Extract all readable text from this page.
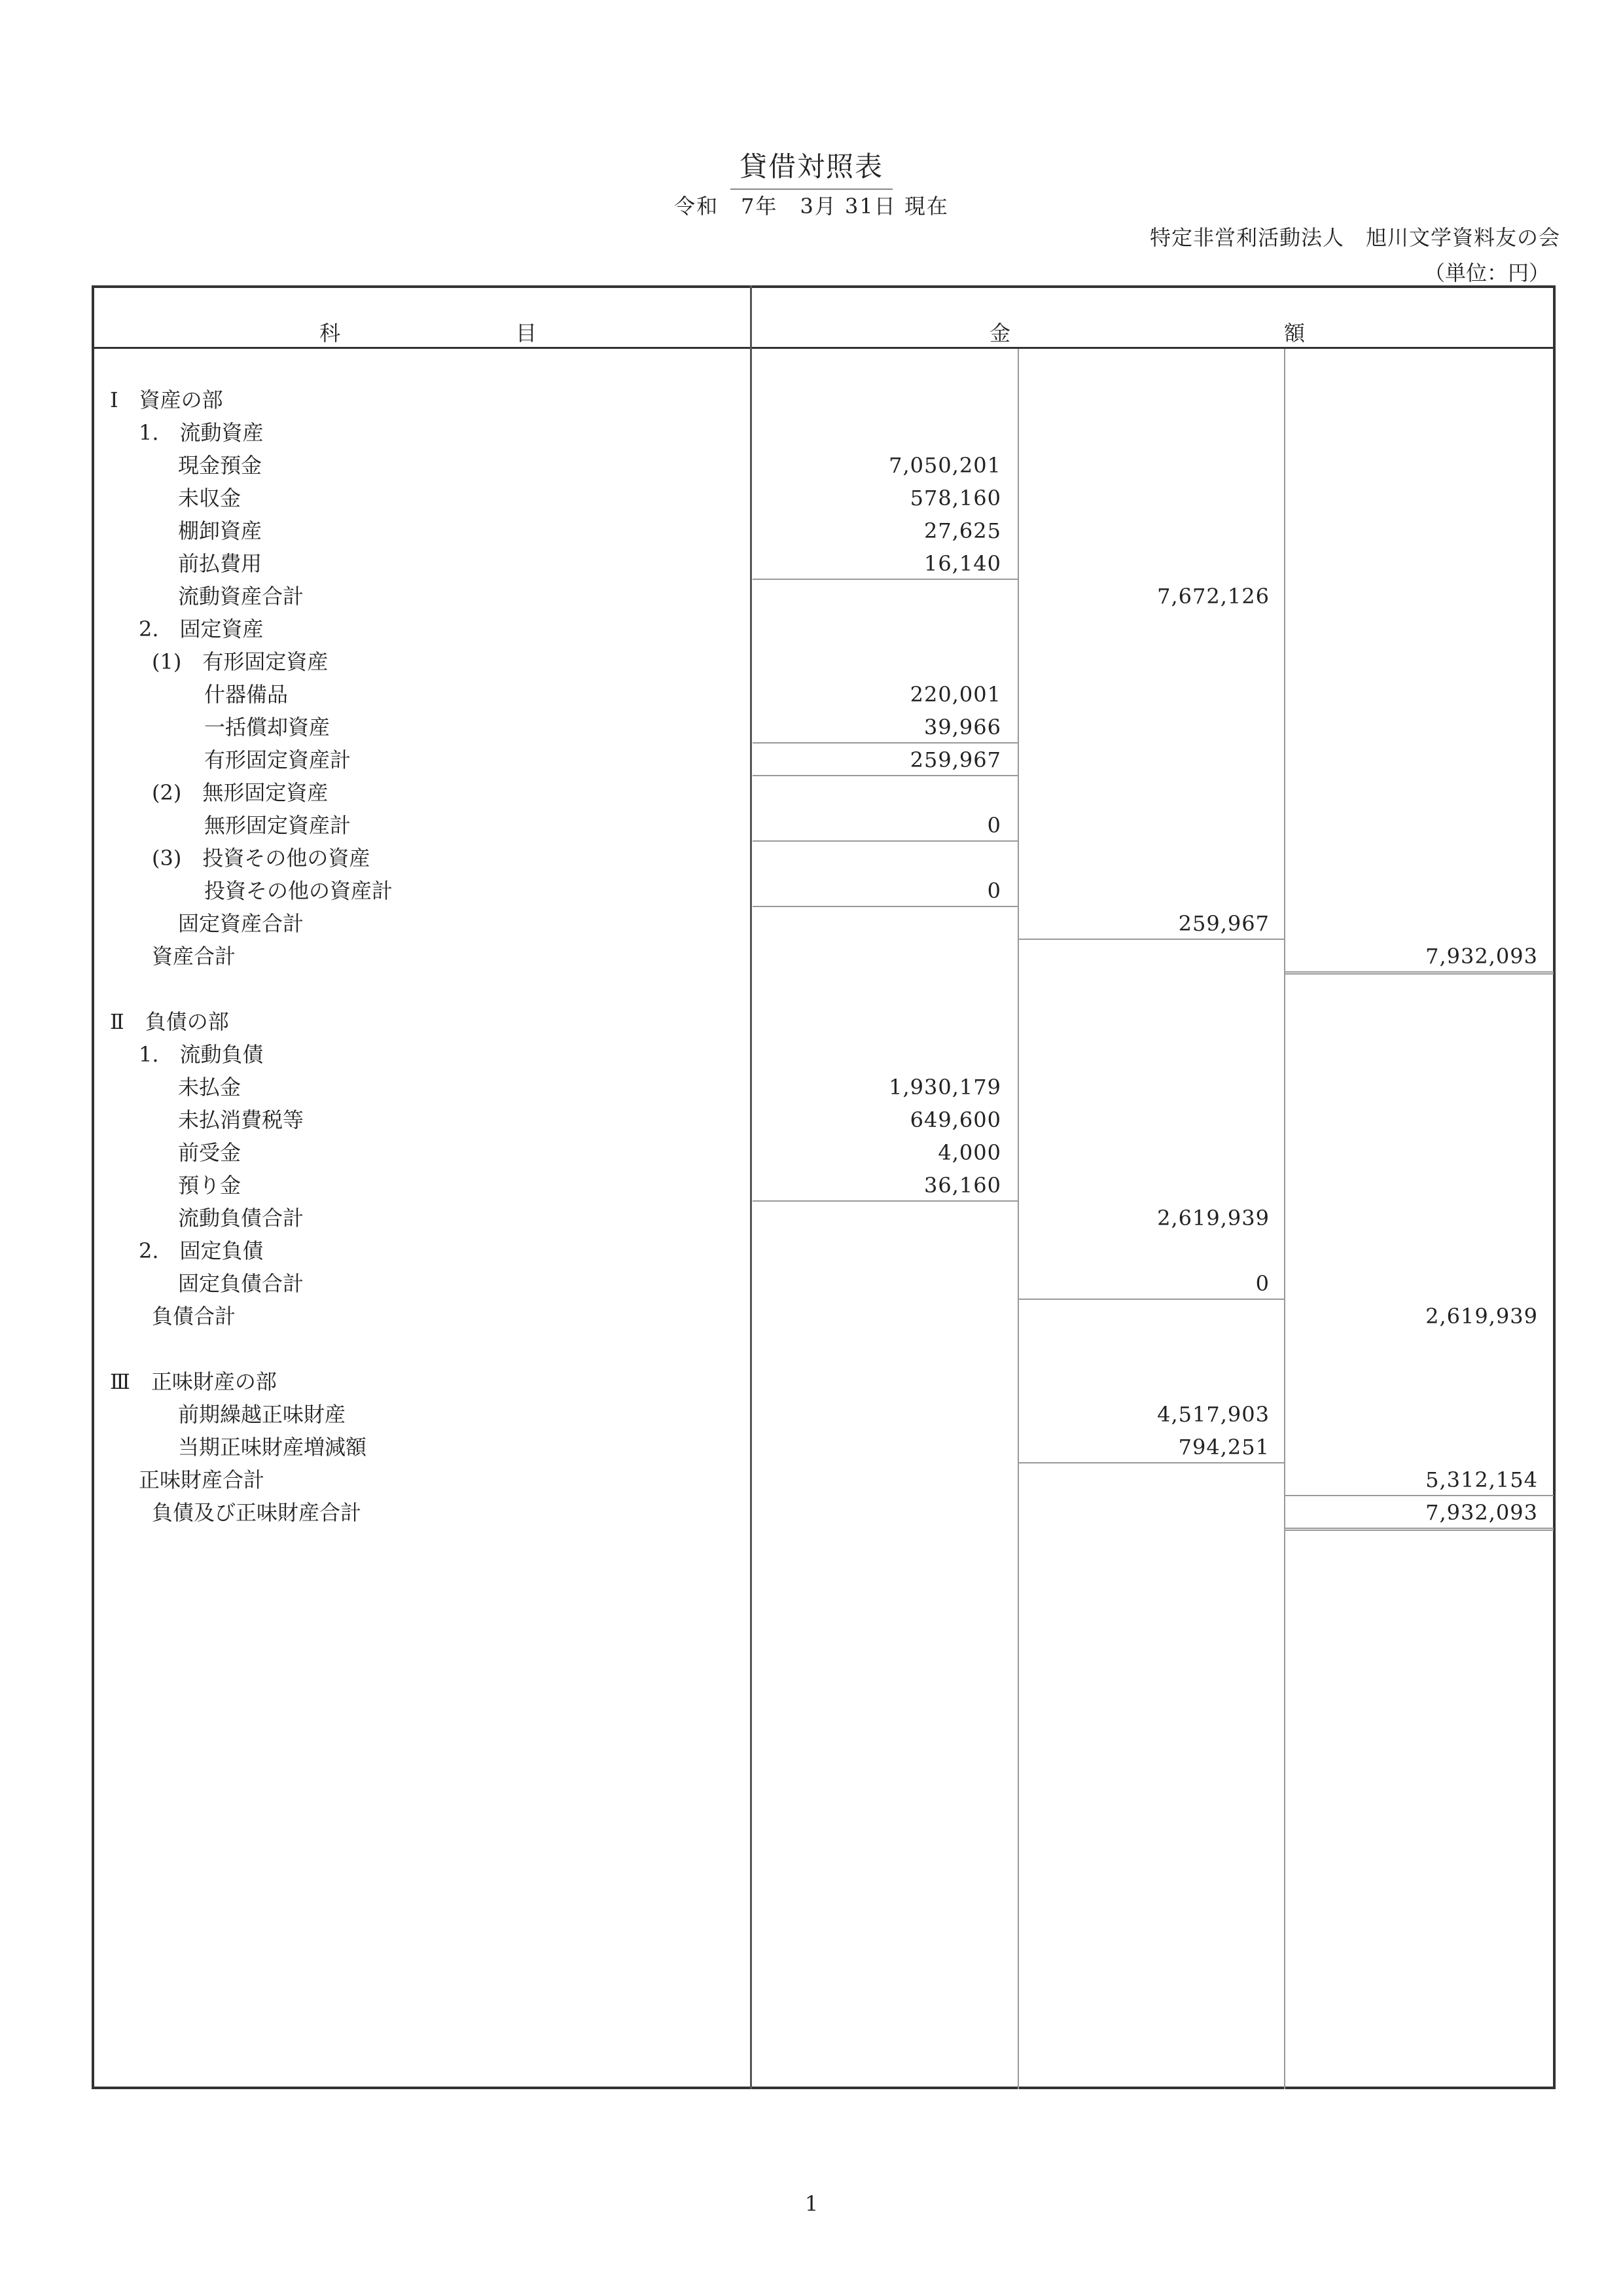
貸借対照表
令和　7年　3月 31日 現在
特定非営利活動法人　旭川文学資料友の会
（単位：円）
科	目	金	額
Ⅰ　資産の部
1.　流動資産
現金預金	7,050,201
未収金	578,160
棚卸資産	27,625
前払費用	16,140
流動資産合計	7,672,126
2.　固定資産
(1)　有形固定資産
什器備品	220,001
一括償却資産	39,966
有形固定資産計	259,967
(2)　無形固定資産
無形固定資産計	0
(3)　投資その他の資産
投資その他の資産計	0
固定資産合計	259,967
資産合計	7,932,093
Ⅱ　負債の部
1.　流動負債
未払金	1,930,179
未払消費税等	649,600
前受金	4,000
預り金	36,160
流動負債合計	2,619,939
2.　固定負債
固定負債合計	0
負債合計	2,619,939
Ⅲ　正味財産の部
前期繰越正味財産	4,517,903
当期正味財産増減額	794,251
正味財産合計	5,312,154
負債及び正味財産合計	7,932,093
1
